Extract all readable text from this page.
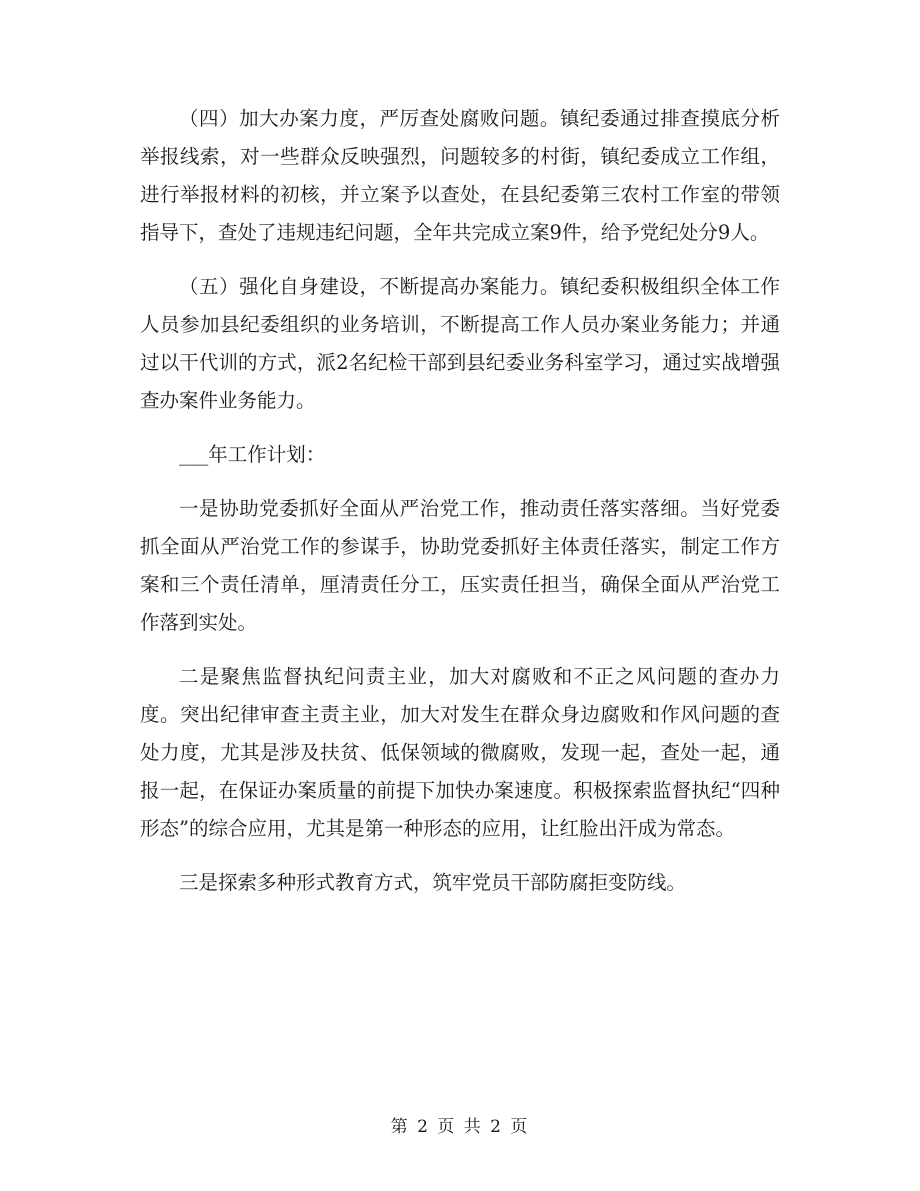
（四）加大办案力度，严厉查处腐败问题。镇纪委通过排查摸底分析举报线索，对一些群众反映强烈，问题较多的村街，镇纪委成立工作组，进行举报材料的初核，并立案予以查处，在县纪委第三农村工作室的带领指导下，查处了违规违纪问题，全年共完成立案9件，给予党纪处分9人。

（五）强化自身建设，不断提高办案能力。镇纪委积极组织全体工作人员参加县纪委组织的业务培训，不断提高工作人员办案业务能力；并通过以干代训的方式，派2名纪检干部到县纪委业务科室学习，通过实战增强查办案件业务能力。

___年工作计划：

一是协助党委抓好全面从严治党工作，推动责任落实落细。当好党委抓全面从严治党工作的参谋手，协助党委抓好主体责任落实，制定工作方案和三个责任清单，厘清责任分工，压实责任担当，确保全面从严治党工作落到实处。

二是聚焦监督执纪问责主业，加大对腐败和不正之风问题的查办力度。突出纪律审查主责主业，加大对发生在群众身边腐败和作风问题的查处力度，尤其是涉及扶贫、低保领域的微腐败，发现一起，查处一起，通报一起，在保证办案质量的前提下加快办案速度。积极探索监督执纪“四种形态”的综合应用，尤其是第一种形态的应用，让红脸出汗成为常态。

三是探索多种形式教育方式，筑牢党员干部防腐拒变防线。

第 2 页 共 2 页
